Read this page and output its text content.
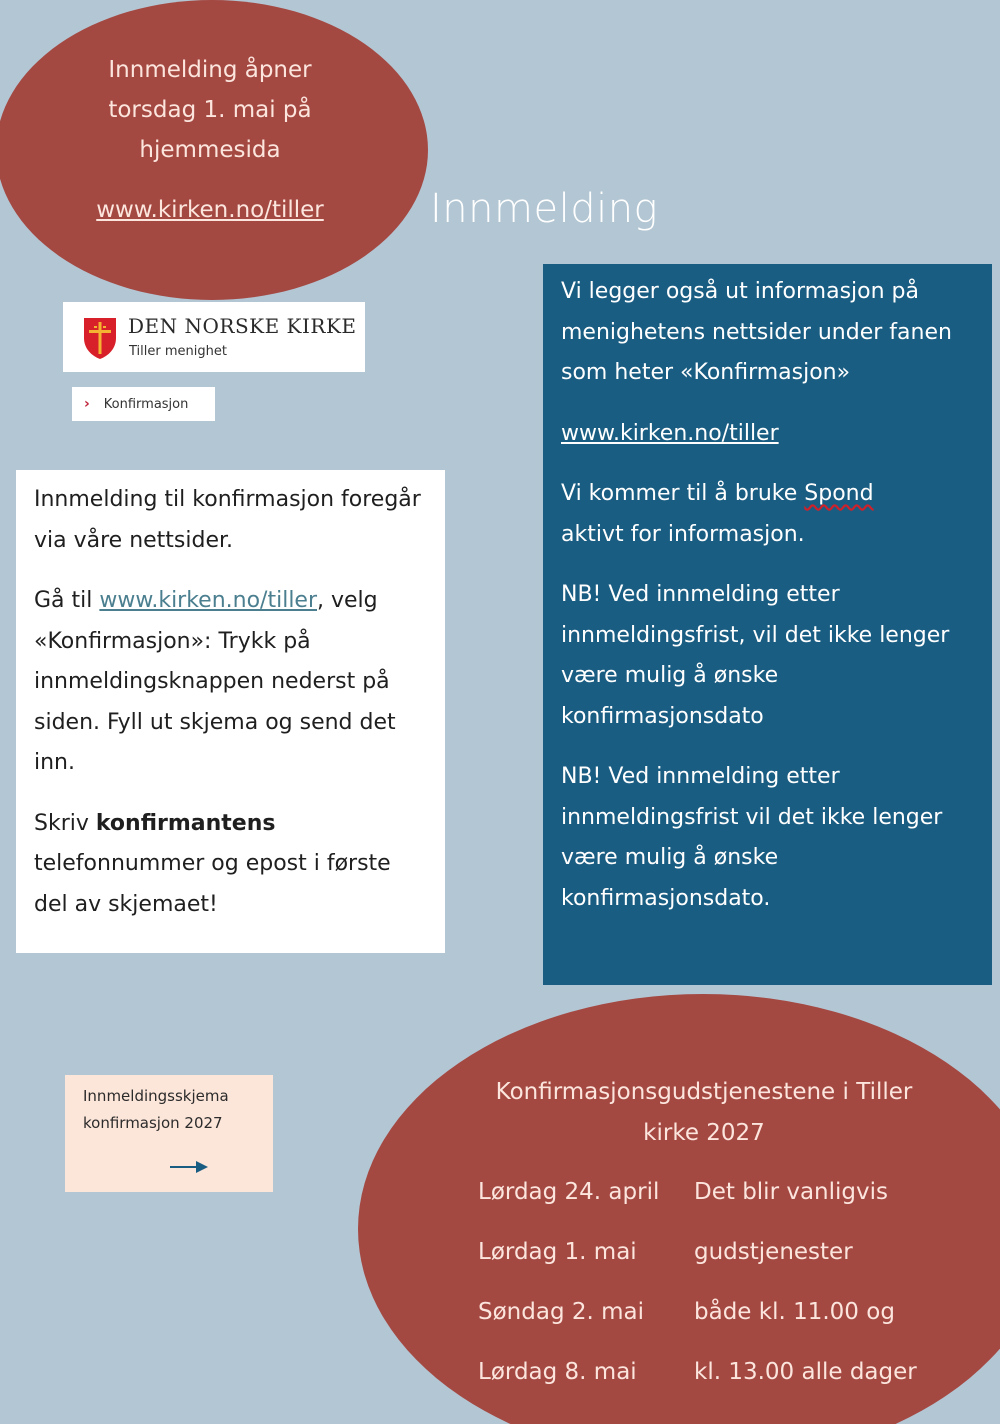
Innmelding åpner
torsdag 1. mai på
hjemmesida
www.kirken.no/tiller	Innmelding
DEN NORSKE KIRKE
Tiller menighet
› Konfirmasjon

Innmelding til konfirmasjon foregår via våre nettsider.

Gå til www.kirken.no/tiller, velg «Konfirmasjon»: Trykk på innmeldingsknappen nederst på siden. Fyll ut skjema og send det inn.

Skriv konfirmantens telefonnummer og epost i første del av skjemaet!

Vi legger også ut informasjon på menighetens nettsider under fanen som heter «Konfirmasjon»

www.kirken.no/tiller

Vi kommer til å bruke Spond
aktivt for informasjon.

NB! Ved innmelding etter innmeldingsfrist, vil det ikke lenger være mulig å ønske konfirmasjonsdato

NB! Ved innmelding etter innmeldingsfrist vil det ikke lenger være mulig å ønske konfirmasjonsdato.

Innmeldingsskjema
konfirmasjon 2027
Konfirmasjonsgudstjenestene i Tiller kirke 2027
Lørdag 24. april	Det blir vanligvis
Lørdag 1. mai	gudstjenester
Søndag 2. mai	både kl. 11.00 og
Lørdag 8. mai	kl. 13.00 alle dager
